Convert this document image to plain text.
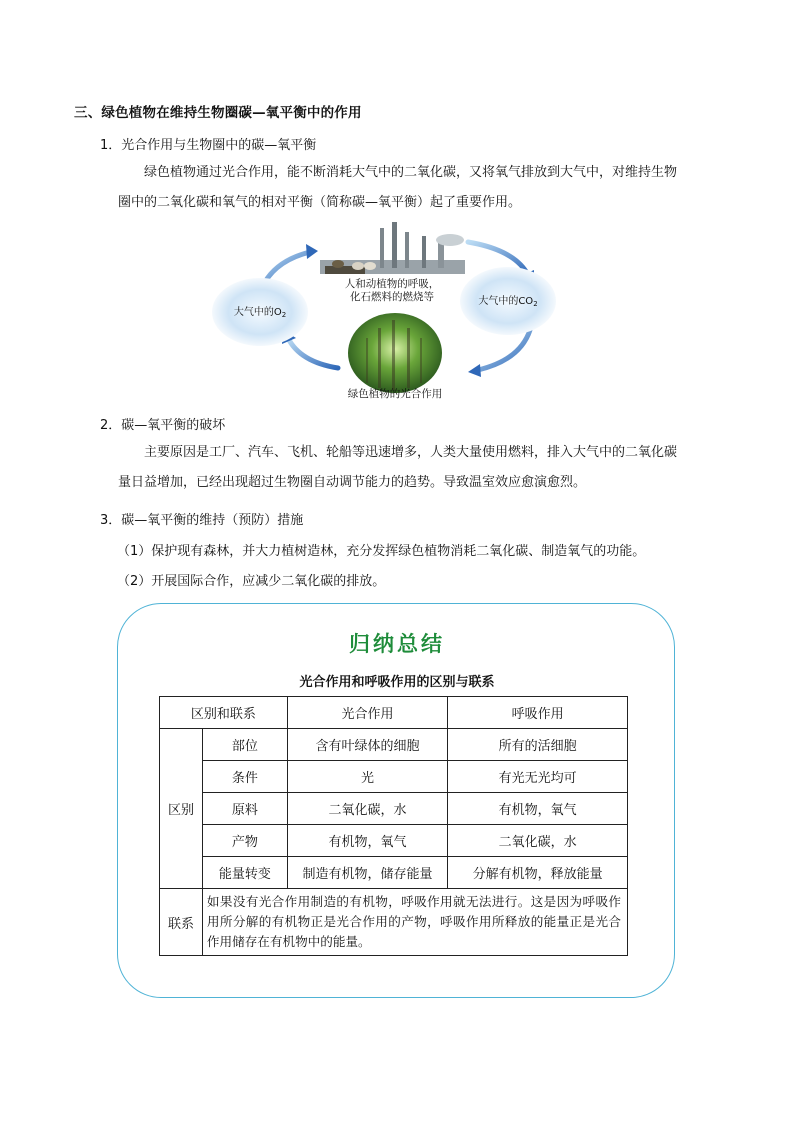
三、绿色植物在维持生物圈碳—氧平衡中的作用
1．光合作用与生物圈中的碳—氧平衡
绿色植物通过光合作用，能不断消耗大气中的二氧化碳，又将氧气排放到大气中，对维持生物
圈中的二氧化碳和氧气的相对平衡（简称碳—氧平衡）起了重要作用。
人和动植物的呼吸，
化石燃料的燃烧等	大气中的$CO_2$
大气中的$O_2$
绿色植物的光合作用
2．碳—氧平衡的破坏
主要原因是工厂、汽车、飞机、轮船等迅速增多，人类大量使用燃料，排入大气中的二氧化碳
量日益增加，已经出现超过生物圈自动调节能力的趋势。导致温室效应愈演愈烈。
3．碳—氧平衡的维持（预防）措施
（1）保护现有森林，并大力植树造林，充分发挥绿色植物消耗二氧化碳、制造氧气的功能。
（2）开展国际合作，应减少二氧化碳的排放。
归纳总结
光合作用和呼吸作用的区别与联系
区别和联系		光合作用	呼吸作用
区别	部位	含有叶绿体的细胞	所有的活细胞
	条件	光	有光无光均可
	原料	二氧化碳，水	有机物，氧气
	产物	有机物，氧气	二氧化碳，水
	能量转变	制造有机物，储存能量	分解有机物，释放能量
联系	如果没有光合作用制造的有机物，呼吸作用就无法进行。这是因为呼吸作用所分解的有机物正是光合作用的产物，呼吸作用所释放的能量正是光合作用储存在有机物中的能量。		
